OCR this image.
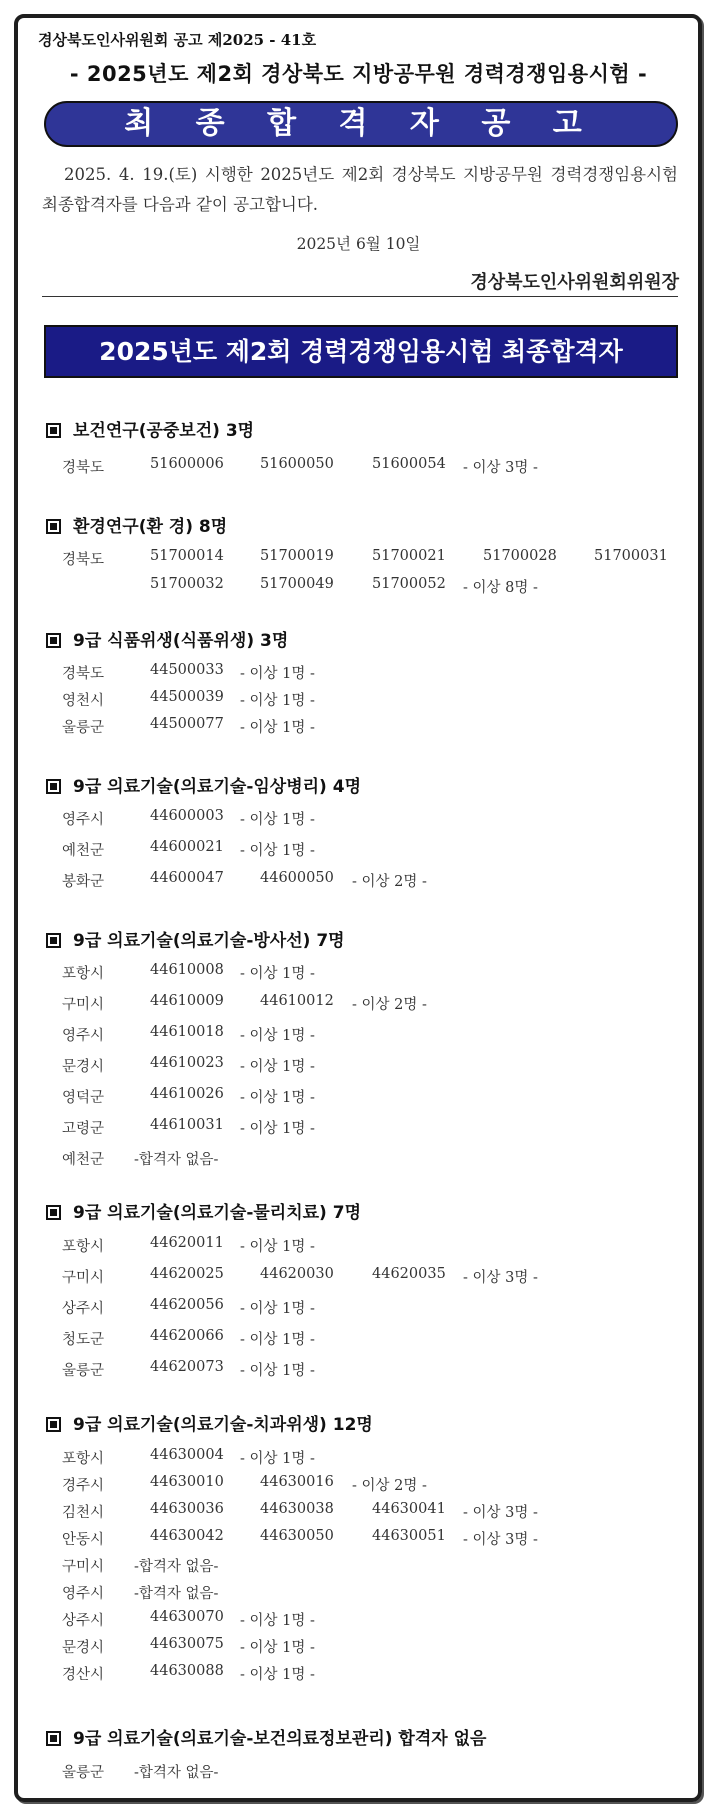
경상북도인사위원회 공고 제2025 - 41호
- 2025년도 제2회 경상북도 지방공무원 경력경쟁임용시험 -
최 종 합 격 자 공 고
2025. 4. 19.(토) 시행한 2025년도 제2회 경상북도 지방공무원 경력경쟁임용시험 최종합격자를 다음과 같이 공고합니다.
2025년 6월 10일
경상북도인사위원회위원장
2025년도 제2회 경력경쟁임용시험 최종합격자
보건연구(공중보건) 3명
경북도	51600006 51600050	51600054 - 이상 3명 -
환경연구(환 경) 8명
경북도	51700014 51700019	51700021	51700028	51700031
51700032 51700049	51700052 - 이상 8명 -
9급 식품위생(식품위생) 3명
경북도	44500033 - 이상 1명 -
영천시	44500039 - 이상 1명 -
울릉군	44500077 - 이상 1명 -
9급 의료기술(의료기술-임상병리) 4명
영주시	44600003 - 이상 1명 -
예천군	44600021 - 이상 1명 -
봉화군	44600047 44600050 - 이상 2명 -
9급 의료기술(의료기술-방사선) 7명
포항시	44610008 - 이상 1명 -
구미시	44610009 44610012 - 이상 2명 -
영주시	44610018 - 이상 1명 -
문경시	44610023 - 이상 1명 -
영덕군	44610026 - 이상 1명 -
고령군	44610031 - 이상 1명 -
예천군 -합격자 없음-
9급 의료기술(의료기술-물리치료) 7명
포항시	44620011 - 이상 1명 -
구미시	44620025 44620030	44620035 - 이상 3명 -
상주시	44620056 - 이상 1명 -
청도군	44620066 - 이상 1명 -
울릉군	44620073 - 이상 1명 -
9급 의료기술(의료기술-치과위생) 12명
포항시	44630004 - 이상 1명 -
경주시	44630010 44630016 - 이상 2명 -
김천시	44630036 44630038	44630041 - 이상 3명 -
안동시	44630042 44630050	44630051 - 이상 3명 -
구미시 -합격자 없음-
영주시 -합격자 없음-
상주시	44630070 - 이상 1명 -
문경시	44630075 - 이상 1명 -
경산시	44630088 - 이상 1명 -
9급 의료기술(의료기술-보건의료정보관리) 합격자 없음
울릉군 -합격자 없음-
